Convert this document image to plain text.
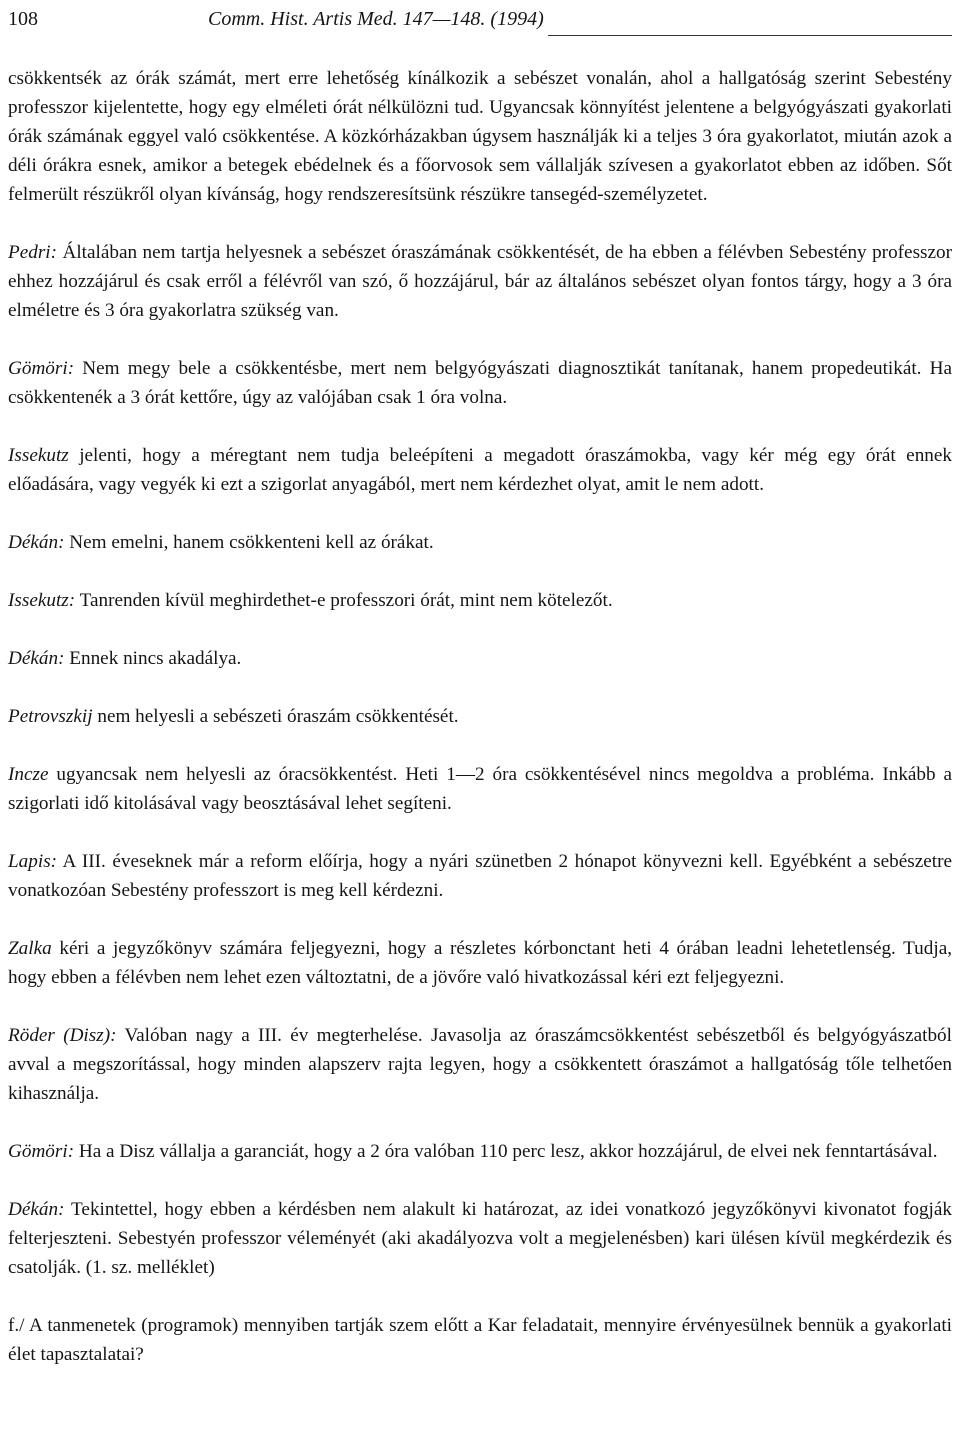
108	Comm. Hist. Artis Med. 147—148. (1994)

csökkentsék az órák számát, mert erre lehetőség kínálkozik a sebészet vonalán, ahol a hallgatóság szerint Sebestény professzor kijelentette, hogy egy elméleti órát nélkülözni tud. Ugyancsak könnyítést jelentene a belgyógyászati gyakorlati órák számának eggyel való csökkentése. A közkórházakban úgysem használják ki a teljes 3 óra gyakorlatot, miután azok a déli órákra esnek, amikor a betegek ebédelnek és a főorvosok sem vállalják szívesen a gyakorlatot ebben az időben. Sőt felmerült részükről olyan kívánság, hogy rendszeresítsünk részükre tansegéd-személyzetet.

Pedri: Általában nem tartja helyesnek a sebészet óraszámának csökkentését, de ha ebben a félévben Sebestény professzor ehhez hozzájárul és csak erről a félévről van szó, ő hozzájárul, bár az általános sebészet olyan fontos tárgy, hogy a 3 óra elméletre és 3 óra gyakorlatra szükség van.

Gömöri: Nem megy bele a csökkentésbe, mert nem belgyógyászati diagnosztikát tanítanak, hanem propedeutikát. Ha csökkentenék a 3 órát kettőre, úgy az valójában csak 1 óra volna.

Issekutz jelenti, hogy a méregtant nem tudja beleépíteni a megadott óraszámokba, vagy kér még egy órát ennek előadására, vagy vegyék ki ezt a szigorlat anyagából, mert nem kérdezhet olyat, amit le nem adott.

Dékán: Nem emelni, hanem csökkenteni kell az órákat.

Issekutz: Tanrenden kívül meghirdethet-e professzori órát, mint nem kötelezőt.

Dékán: Ennek nincs akadálya.

Petrovszkij nem helyesli a sebészeti óraszám csökkentését.

Incze ugyancsak nem helyesli az óracsökkentést. Heti 1—2 óra csökkentésével nincs megoldva a probléma. Inkább a szigorlati idő kitolásával vagy beosztásával lehet segíteni.

Lapis: A III. éveseknek már a reform előírja, hogy a nyári szünetben 2 hónapot könyvezni kell. Egyébként a sebészetre vonatkozóan Sebestény professzort is meg kell kérdezni.

Zalka kéri a jegyzőkönyv számára feljegyezni, hogy a részletes kórbonctant heti 4 órában leadni lehetetlenség. Tudja, hogy ebben a félévben nem lehet ezen változtatni, de a jövőre való hivatkozással kéri ezt feljegyezni.

Röder (Disz): Valóban nagy a III. év megterhelése. Javasolja az óraszámcsökkentést sebészetből és belgyógyászatból avval a megszorítással, hogy minden alapszerv rajta legyen, hogy a csökkentett óraszámot a hallgatóság tőle telhetően kihasználja.

Gömöri: Ha a Disz vállalja a garanciát, hogy a 2 óra valóban 110 perc lesz, akkor hozzájárul, de elvei nek fenntartásával.

Dékán: Tekintettel, hogy ebben a kérdésben nem alakult ki határozat, az idei vonatkozó jegyzőkönyvi kivonatot fogják felterjeszteni. Sebestyén professzor véleményét (aki akadályozva volt a megjelenésben) kari ülésen kívül megkérdezik és csatolják. (1. sz. melléklet)

f./ A tanmenetek (programok) mennyiben tartják szem előtt a Kar feladatait, mennyire érvényesülnek bennük a gyakorlati élet tapasztalatai?
